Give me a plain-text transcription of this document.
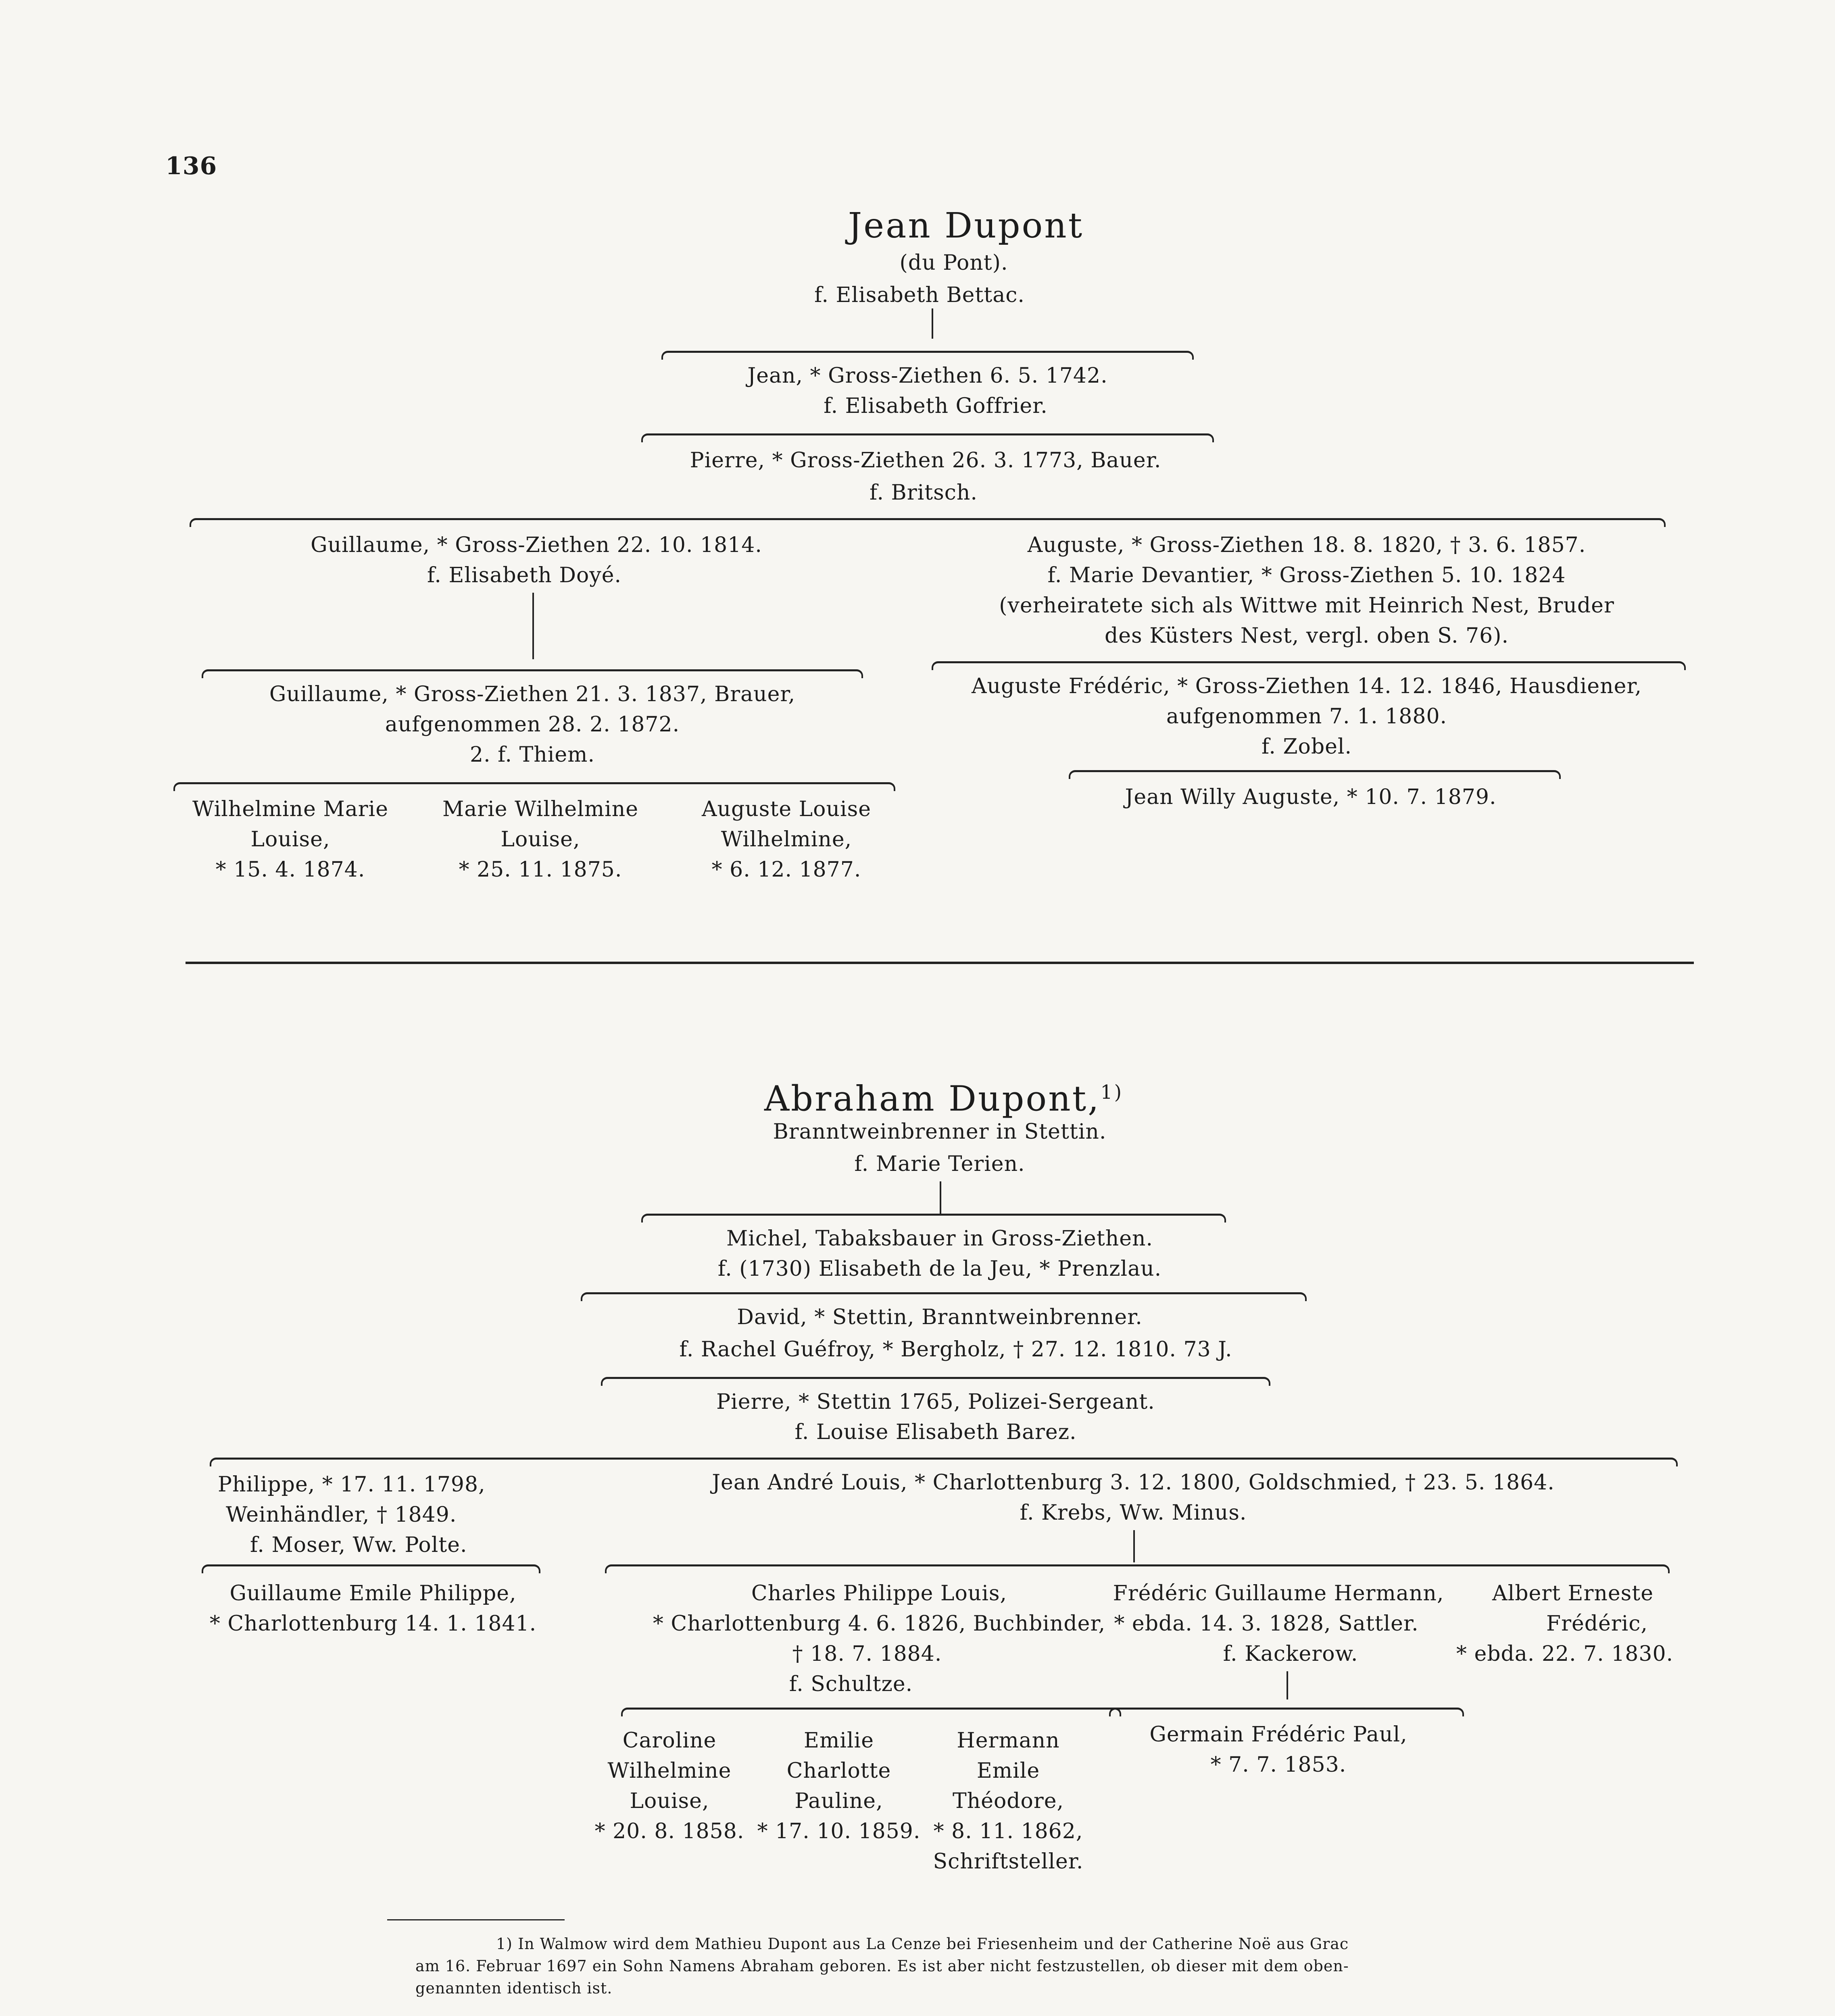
136
Jean Dupont
(du Pont).
f. Elisabeth Bettac.
Jean, * Gross-Ziethen 6. 5. 1742.
f. Elisabeth Goffrier.
Pierre, * Gross-Ziethen 26. 3. 1773, Bauer.
f. Britsch.
Guillaume, * Gross-Ziethen 22. 10. 1814.
f. Elisabeth Doyé.
Auguste, * Gross-Ziethen 18. 8. 1820, † 3. 6. 1857.
f. Marie Devantier, * Gross-Ziethen 5. 10. 1824
(verheiratete sich als Wittwe mit Heinrich Nest, Bruder
des Küsters Nest, vergl. oben S. 76).
Guillaume, * Gross-Ziethen 21. 3. 1837, Brauer,
aufgenommen 28. 2. 1872.
2. f. Thiem.
Auguste Frédéric, * Gross-Ziethen 14. 12. 1846, Hausdiener,
aufgenommen 7. 1. 1880.
f. Zobel.
Jean Willy Auguste, * 10. 7. 1879.
Wilhelmine Marie
Louise,
* 15. 4. 1874.
Marie Wilhelmine
Louise,
* 25. 11. 1875.
Auguste Louise
Wilhelmine,
* 6. 12. 1877.
Abraham Dupont,$^{1)}$
Branntweinbrenner in Stettin.
f. Marie Terien.
Michel, Tabaksbauer in Gross-Ziethen.
f. (1730) Elisabeth de la Jeu, * Prenzlau.
David, * Stettin, Branntweinbrenner.
f. Rachel Guéfroy, * Bergholz, † 27. 12. 1810. 73 J.
Pierre, * Stettin 1765, Polizei-Sergeant.
f. Louise Elisabeth Barez.
Philippe, * 17. 11. 1798,
Weinhändler, † 1849.
f. Moser, Ww. Polte.
Jean André Louis, * Charlottenburg 3. 12. 1800, Goldschmied, † 23. 5. 1864.
f. Krebs, Ww. Minus.
Guillaume Emile Philippe,
* Charlottenburg 14. 1. 1841.
Charles Philippe Louis,
* Charlottenburg 4. 6. 1826, Buchbinder,
† 18. 7. 1884.
f. Schultze.
Frédéric Guillaume Hermann,
* ebda. 14. 3. 1828, Sattler.
f. Kackerow.
Albert Erneste
Frédéric,
* ebda. 22. 7. 1830.
Germain Frédéric Paul,
* 7. 7. 1853.
Caroline
Wilhelmine
Louise,
* 20. 8. 1858.
Emilie
Charlotte
Pauline,
* 17. 10. 1859.
Hermann
Emile
Théodore,
* 8. 11. 1862,
Schriftsteller.
1) In Walmow wird dem Mathieu Dupont aus La Cenze bei Friesenheim und der Catherine Noë aus Grac
am 16. Februar 1697 ein Sohn Namens Abraham geboren. Es ist aber nicht festzustellen, ob dieser mit dem oben-
genannten identisch ist.
